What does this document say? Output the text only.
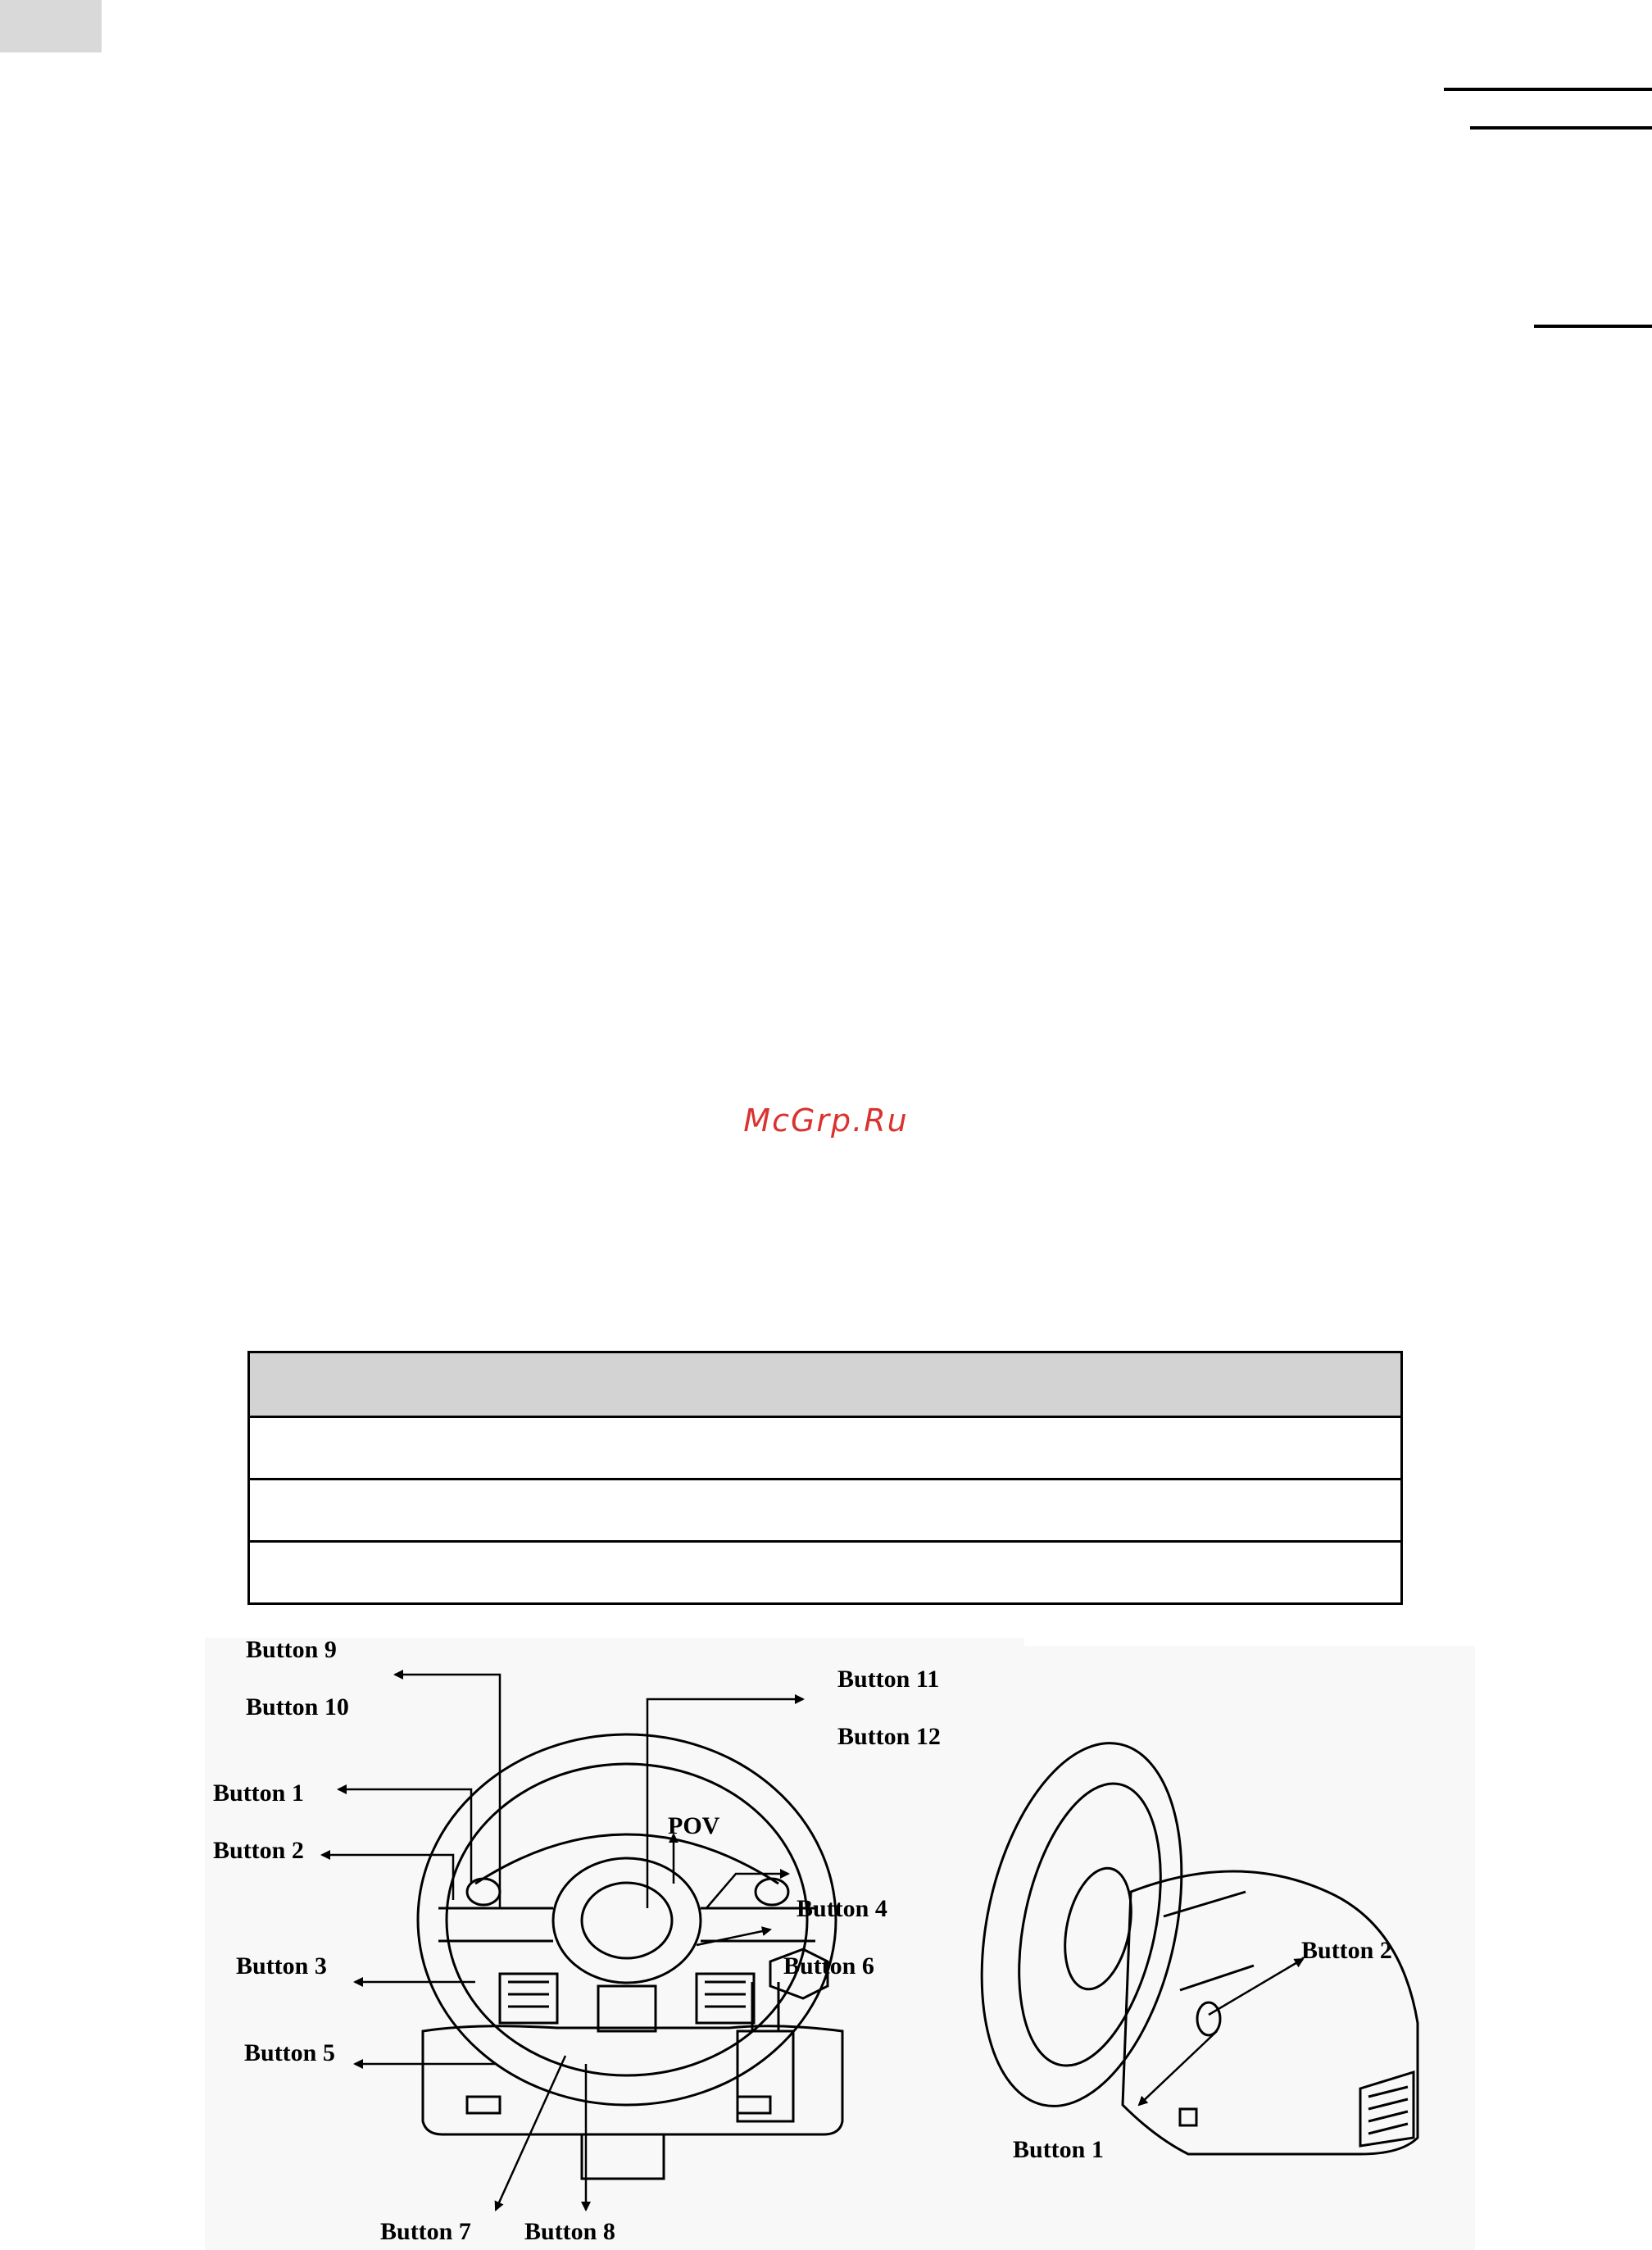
McGrp.Ru

Button 9
Button 10
Button 11
Button 12
Button 1
Button 2
POV
Button 4
Button 3	Button 6
Button 5
Button 7 Button 8
Button 2
Button 1
